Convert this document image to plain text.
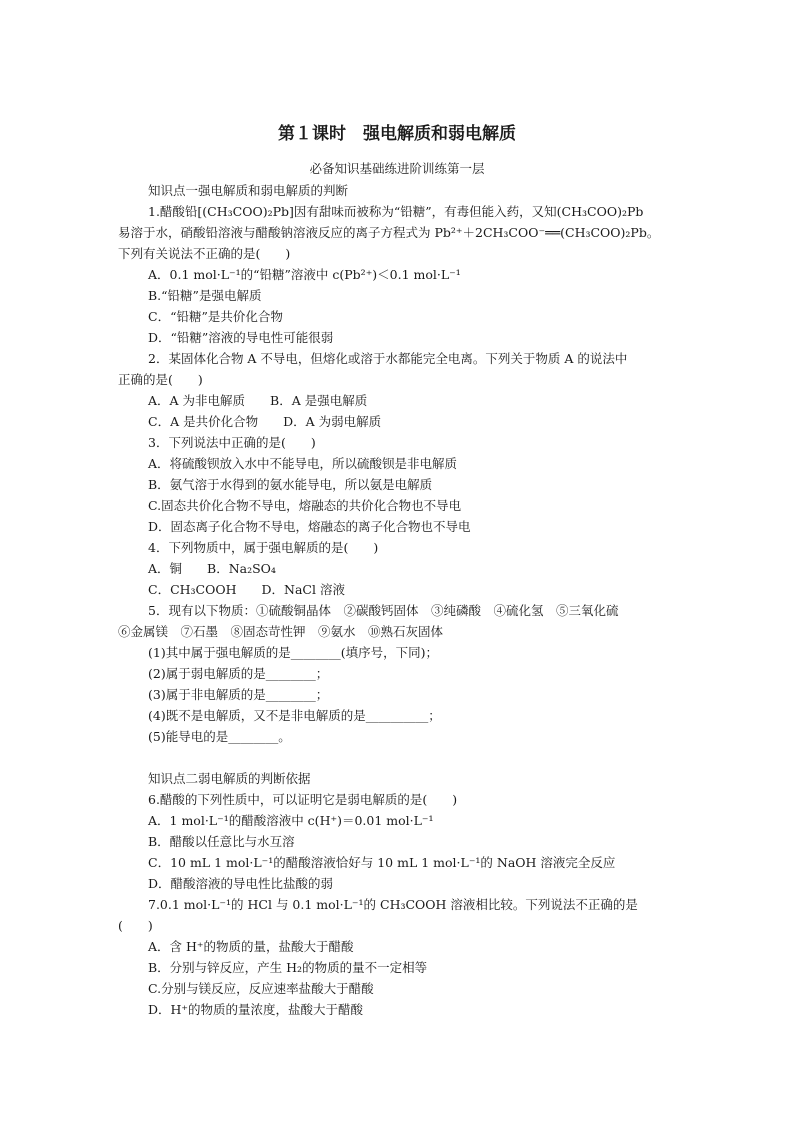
第１课时　强电解质和弱电解质
必备知识基础练进阶训练第一层
知识点一强电解质和弱电解质的判断
1.醋酸铅[(CH₃COO)₂Pb]因有甜味而被称为“铅糖”，有毒但能入药，又知(CH₃COO)₂Pb
易溶于水，硝酸铅溶液与醋酸钠溶液反应的离子方程式为 Pb²⁺＋2CH₃COO⁻══(CH₃COO)₂Pb。
下列有关说法不正确的是(　　)
A．0.1 mol·L⁻¹的“铅糖”溶液中 c(Pb²⁺)＜0.1 mol·L⁻¹
B.“铅糖”是强电解质
C．“铅糖”是共价化合物
D．“铅糖”溶液的导电性可能很弱
2．某固体化合物 A 不导电，但熔化或溶于水都能完全电离。下列关于物质 A 的说法中
正确的是(　　)
A．A 为非电解质　　B．A 是强电解质
C．A 是共价化合物　　D．A 为弱电解质
3．下列说法中正确的是(　　)
A．将硫酸钡放入水中不能导电，所以硫酸钡是非电解质
B．氨气溶于水得到的氨水能导电，所以氨是电解质
C.固态共价化合物不导电，熔融态的共价化合物也不导电
D．固态离子化合物不导电，熔融态的离子化合物也不导电
4．下列物质中，属于强电解质的是(　　)
A．铜　　B．Na₂SO₄
C．CH₃COOH　　D．NaCl 溶液
5．现有以下物质：①硫酸铜晶体　②碳酸钙固体　③纯磷酸　④硫化氢　⑤三氧化硫
⑥金属镁　⑦石墨　⑧固态苛性钾　⑨氨水　⑩熟石灰固体
(1)其中属于强电解质的是________(填序号，下同)；
(2)属于弱电解质的是________；
(3)属于非电解质的是________；
(4)既不是电解质，又不是非电解质的是__________；
(5)能导电的是________。
知识点二弱电解质的判断依据
6.醋酸的下列性质中，可以证明它是弱电解质的是(　　)
A．1 mol·L⁻¹的醋酸溶液中 c(H⁺)＝0.01 mol·L⁻¹
B．醋酸以任意比与水互溶
C．10 mL 1 mol·L⁻¹的醋酸溶液恰好与 10 mL 1 mol·L⁻¹的 NaOH 溶液完全反应
D．醋酸溶液的导电性比盐酸的弱
7.0.1 mol·L⁻¹的 HCl 与 0.1 mol·L⁻¹的 CH₃COOH 溶液相比较。下列说法不正确的是
(　　)
A．含 H⁺的物质的量，盐酸大于醋酸
B．分别与锌反应，产生 H₂的物质的量不一定相等
C.分别与镁反应，反应速率盐酸大于醋酸
D．H⁺的物质的量浓度，盐酸大于醋酸
